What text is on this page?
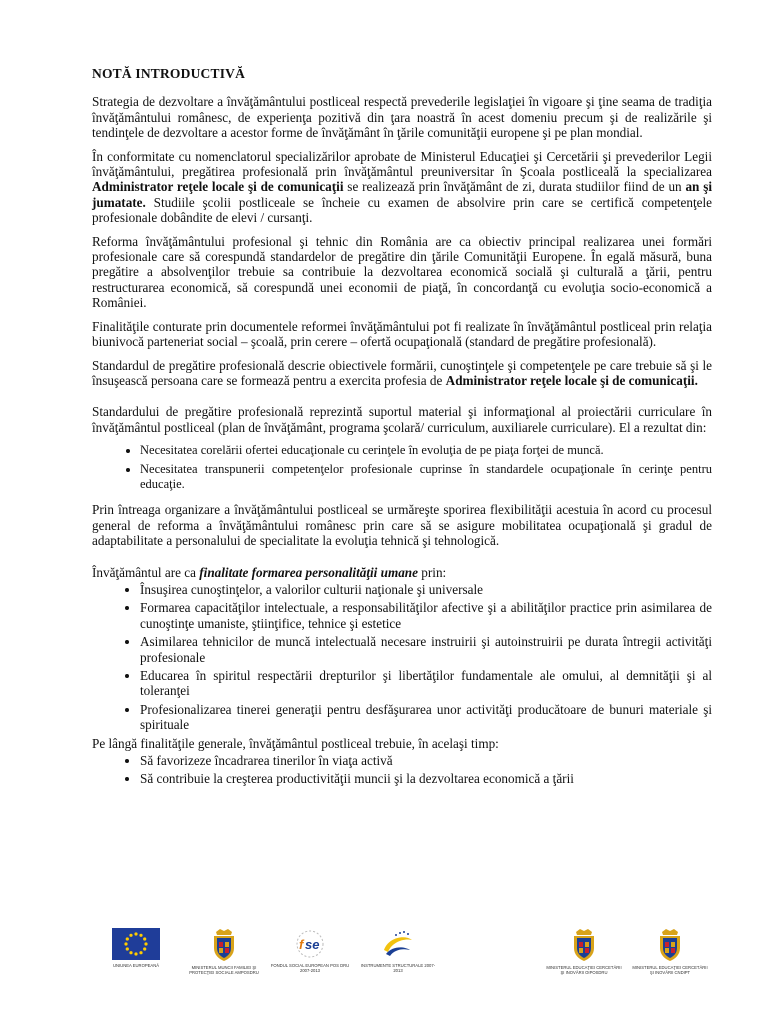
NOTĂ INTRODUCTIVĂ

Strategia de dezvoltare a învăţământului postliceal respectă prevederile legislaţiei în vigoare şi ţine seama de tradiţia învăţământului românesc, de experienţa pozitivă din ţara noastră în acest domeniu precum şi de realizările şi tendinţele de dezvoltare a acestor forme de învăţământ în ţările comunităţii europene şi pe plan mondial.

În conformitate cu nomenclatorul specializărilor aprobate de Ministerul Educaţiei şi Cercetării şi prevederilor Legii învăţământului, pregătirea profesională prin învăţământul preuniversitar în Şcoala postliceală la specializarea Administrator reţele locale şi de comunicaţii se realizează prin învăţământ de zi, durata studiilor fiind de un an şi jumatate. Studiile şcolii postliceale se încheie cu examen de absolvire prin care se certifică competenţele profesionale dobândite de elevi / cursanţi.

Reforma învăţământului profesional şi tehnic din România are ca obiectiv principal realizarea unei formări profesionale care să corespundă standardelor de pregătire din ţările Comunităţii Europene. În egală măsură, buna pregătire a absolvenţilor trebuie sa contribuie la dezvoltarea economică socială şi culturală a ţării, pentru restructurarea economică, să corespundă unei economii de piaţă, în concordanţă cu evoluţia socio-economică a României.

Finalităţile conturate prin documentele reformei învăţământului pot fi realizate în învăţământul postliceal prin relaţia biunivocă parteneriat social – şcoală, prin cerere – ofertă ocupaţională (standard de pregătire profesională).

Standardul de pregătire profesională descrie obiectivele formării, cunoştinţele şi competenţele pe care trebuie să şi le însuşească persoana care se formează pentru a exercita profesia de Administrator reţele locale şi de comunicaţii.

Standardului de pregătire profesională reprezintă suportul material şi informaţional al proiectării curriculare în învăţământul postliceal (plan de învăţământ, programa şcolară/ curriculum, auxiliarele curriculare). El a rezultat din:

• Necesitatea corelării ofertei educaţionale cu cerinţele în evoluţia de pe piaţa forţei de muncă.
• Necesitatea transpunerii competenţelor profesionale cuprinse în standardele ocupaţionale în cerinţe pentru educaţie.

Prin întreaga organizare a învăţământului postliceal se urmăreşte sporirea flexibilităţii acestuia în acord cu procesul general de reforma a învăţământului românesc prin care să se asigure mobilitatea ocupaţională şi gradul de adaptabilitate a personalului de specialitate la evoluţia tehnică şi tehnologică.

Învăţământul are ca finalitate formarea personalităţii umane prin:

• Însuşirea cunoştinţelor, a valorilor culturii naţionale şi universale
• Formarea capacităţilor intelectuale, a responsabilităţilor afective şi a abilităţilor practice prin asimilarea de cunoştinţe umaniste, ştiinţifice, tehnice şi estetice
• Asimilarea tehnicilor de muncă intelectuală necesare instruirii şi autoinstruirii pe durata întregii activităţi profesionale
• Educarea în spiritul respectării drepturilor şi libertăţilor fundamentale ale omului, al demnităţii şi al toleranţei
• Profesionalizarea tinerei generaţii pentru desfăşurarea unor activităţi producătoare de bunuri materiale şi spirituale

Pe lângă finalităţile generale, învăţământul postliceal trebuie, în acelaşi timp:

• Să favorizeze încadrarea tinerilor în viaţa activă
• Să contribuie la creşterea productivităţii muncii şi la dezvoltarea economică a ţării
UNIUNEA EUROPEANĂ	MINISTERUL MUNCII FAMILIEI ŞI PROTECŢIEI SOCIALE AMPOSDRU
f se
FONDUL SOCIAL EUROPEAN POS DRU 2007-2013
INSTRUMENTE STRUCTURALE 2007-2013
MINISTERUL EDUCAŢIEI CERCETĂRII ŞI INOVĂRII OIPOSDRU
MINISTERUL EDUCAŢIEI CERCETĂRII ŞI INOVĂRII CNDIPT
